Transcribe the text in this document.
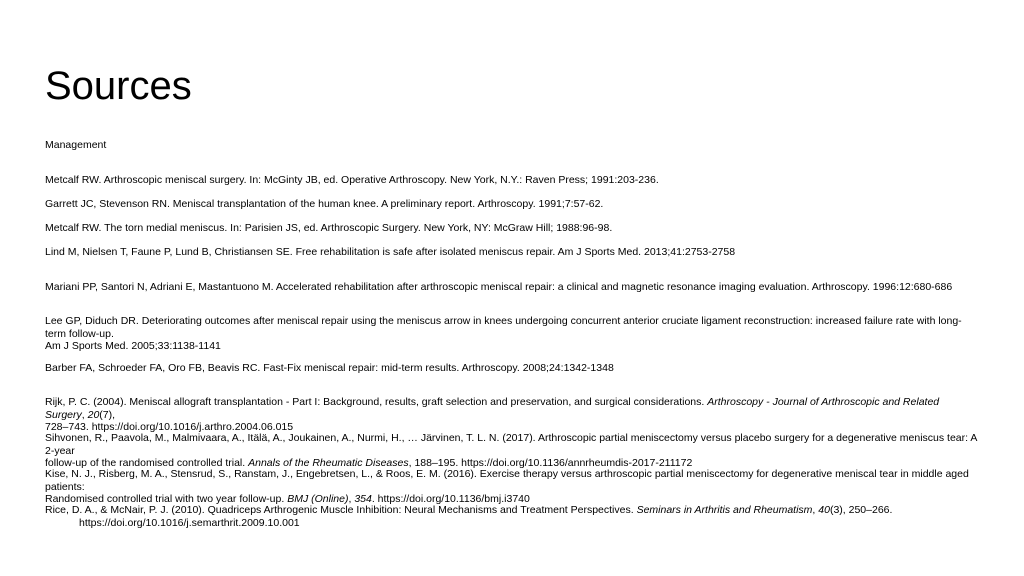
Sources
Management
Metcalf RW. Arthroscopic meniscal surgery. In: McGinty JB, ed. Operative Arthroscopy. New York, N.Y.: Raven Press; 1991:203-236.
Garrett JC, Stevenson RN. Meniscal transplantation of the human knee. A preliminary report. Arthroscopy. 1991;7:57-62.
Metcalf RW. The torn medial meniscus. In: Parisien JS, ed. Arthroscopic Surgery. New York, NY: McGraw Hill; 1988:96-98.
Lind M, Nielsen T, Faune P, Lund B, Christiansen SE. Free rehabilitation is safe after isolated meniscus repair. Am J Sports Med. 2013;41:2753-2758
Mariani PP, Santori N, Adriani E, Mastantuono M. Accelerated rehabilitation after arthroscopic meniscal repair: a clinical and magnetic resonance imaging evaluation. Arthroscopy. 1996:12:680-686
Lee GP, Diduch DR. Deteriorating outcomes after meniscal repair using the meniscus arrow in knees undergoing concurrent anterior cruciate ligament reconstruction: increased failure rate with long-term follow-up.
Am J Sports Med. 2005;33:1138-1141
Barber FA, Schroeder FA, Oro FB, Beavis RC. Fast-Fix meniscal repair: mid-term results. Arthroscopy. 2008;24:1342-1348
Rijk, P. C. (2004). Meniscal allograft transplantation - Part I: Background, results, graft selection and preservation, and surgical considerations. Arthroscopy - Journal of Arthroscopic and Related Surgery, 20(7),
728–743. https://doi.org/10.1016/j.arthro.2004.06.015
Sihvonen, R., Paavola, M., Malmivaara, A., Itälä, A., Joukainen, A., Nurmi, H., … Järvinen, T. L. N. (2017). Arthroscopic partial meniscectomy versus placebo surgery for a degenerative meniscus tear: A 2-year
follow-up of the randomised controlled trial. Annals of the Rheumatic Diseases, 188–195. https://doi.org/10.1136/annrheumdis-2017-211172
Kise, N. J., Risberg, M. A., Stensrud, S., Ranstam, J., Engebretsen, L., & Roos, E. M. (2016). Exercise therapy versus arthroscopic partial meniscectomy for degenerative meniscal tear in middle aged patients:
Randomised controlled trial with two year follow-up. BMJ (Online), 354. https://doi.org/10.1136/bmj.i3740
Rice, D. A., & McNair, P. J. (2010). Quadriceps Arthrogenic Muscle Inhibition: Neural Mechanisms and Treatment Perspectives. Seminars in Arthritis and Rheumatism, 40(3), 250–266.
https://doi.org/10.1016/j.semarthrit.2009.10.001
